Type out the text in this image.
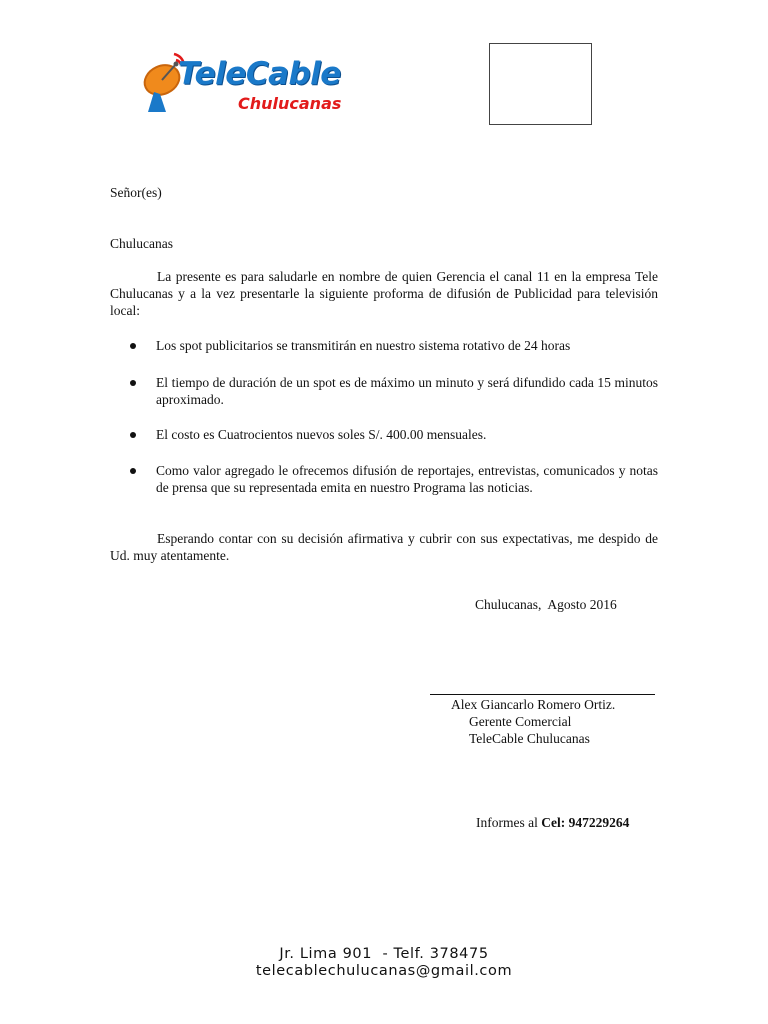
TeleCable
Chulucanas
Señor(es)
Chulucanas
La presente es para saludarle en nombre de quien Gerencia el canal 11 en la empresa Tele Chulucanas y a la vez presentarle la siguiente proforma de difusión de Publicidad para televisión local:
Los spot publicitarios se transmitirán en nuestro sistema rotativo de 24 horas
El tiempo de duración de un spot es de máximo un minuto y será difundido cada 15 minutos aproximado.
El costo es Cuatrocientos nuevos soles S/. 400.00 mensuales.
Como valor agregado le ofrecemos difusión de reportajes, entrevistas, comunicados y notas de prensa que su representada emita en nuestro Programa las noticias.
Esperando contar con su decisión afirmativa y cubrir con sus expectativas, me despido de Ud. muy atentamente.
Chulucanas,  Agosto 2016
Alex Giancarlo Romero Ortiz.
Gerente Comercial
TeleCable Chulucanas
Informes al Cel: 947229264
Jr. Lima 901  - Telf. 378475
telecablechulucanas@gmail.com
